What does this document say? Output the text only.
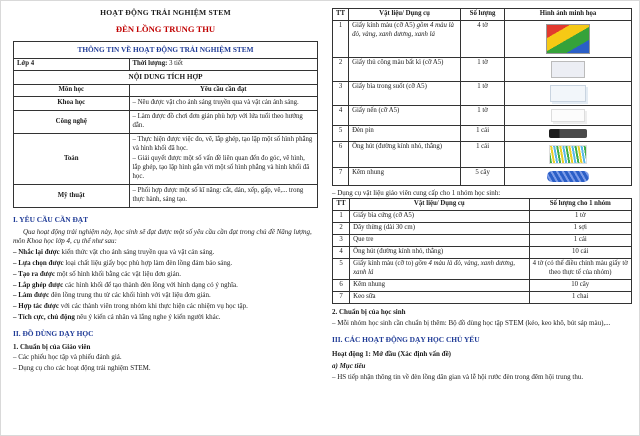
HOẠT ĐỘNG TRẢI NGHIỆM STEM
ĐÈN LỒNG TRUNG THU
THÔNG TIN VỀ HOẠT ĐỘNG TRẢI NGHIỆM STEM	
Lớp 4	Thời lượng: 3 tiết
NỘI DUNG TÍCH HỢP	
Môn học	Yêu cầu cần đạt
Khoa học	– Nêu được vật cho ánh sáng truyền qua và vật cản ánh sáng.

Công nghệ	– Làm được đồ chơi đơn giản phù hợp với lứa tuổi theo hướng dẫn.

Toán	– Thực hiện được việc đo, vẽ, lắp ghép, tạo lập một số hình phẳng và hình khối đã học.
– Giải quyết được một số vấn đề liên quan đến đo góc, vẽ hình, lắp ghép, tạo lập hình gắn với một số hình phẳng và hình khối đã học.

Mỹ thuật	– Phối hợp được một số kĩ năng: cắt, dán, xếp, gấp, vẽ,... trong thực hành, sáng tạo.
I. YÊU CẦU CẦN ĐẠT

Qua hoạt động trải nghiệm này, học sinh sẽ đạt được một số yêu cầu cần đạt trong chủ đề Năng lượng, môn Khoa học lớp 4, cụ thể như sau:

– Nhắc lại được kiến thức vật cho ánh sáng truyền qua và vật cản sáng.

– Lựa chọn được loại chất liệu giấy bọc phù hợp làm đèn lồng đảm bảo sáng.

– Tạo ra được một số hình khối bằng các vật liệu đơn giản.

– Lắp ghép được các hình khối để tạo thành đèn lồng với hình dạng có ý nghĩa.

– Làm được đèn lồng trung thu từ các khối hình với vật liệu đơn giản.

– Hợp tác được với các thành viên trong nhóm khi thực hiện các nhiệm vụ học tập.

– Tích cực, chủ động nêu ý kiến cá nhân và lắng nghe ý kiến người khác.

II. ĐỒ DÙNG DẠY HỌC
1. Chuẩn bị của Giáo viên

– Các phiếu học tập và phiếu đánh giá.

– Dụng cụ cho các hoạt động trải nghiệm STEM.

TT	Vật liệu/ Dụng cụ	Số lượng	Hình ảnh minh họa
1	Giấy kính màu (cỡ A5) gồm 4 màu là đỏ, vàng, xanh dương, xanh lá	4 tờ	

2	Giấy thủ công màu bất kì (cỡ A5)	1 tờ	

3	Giấy bìa trong suốt (cỡ A5)	1 tờ	

4	Giấy nến (cỡ A5)	1 tờ	

5	Đèn pin	1 cái	

6	Ống hút (đường kính nhỏ, thẳng)	1 cái	

7	Kẽm nhung	5 cây	

– Dụng cụ vật liệu giáo viên cung cấp cho 1 nhóm học sinh:

TT	Vật liệu/ Dụng cụ	Số lượng cho 1 nhóm
1	Giấy bìa cứng (cỡ A5)	1 tờ
2	Dây thừng (dài 30 cm)	1 sợi
3	Que tre	1 cái
4	Ống hút (đường kính nhỏ, thẳng)	10 cái
5	Giấy kính màu (cỡ to) gồm 4 màu là đỏ, vàng, xanh dương, xanh lá	4 tờ (có thể điều chỉnh màu giấy tờ theo thực tế của nhóm)
6	Kẽm nhung	10 cây
7	Keo sữa	1 chai
2. Chuẩn bị của học sinh

– Mỗi nhóm học sinh cần chuẩn bị thêm: Bộ đồ dùng học tập STEM (kéo, keo khô, bút sáp màu),...

III. CÁC HOẠT ĐỘNG DẠY HỌC CHỦ YẾU
Hoạt động 1: Mở đầu (Xác định vấn đề)
a) Mục tiêu

– HS tiếp nhận thông tin về đèn lồng dân gian và lễ hội rước đèn trong đêm hội trung thu.
